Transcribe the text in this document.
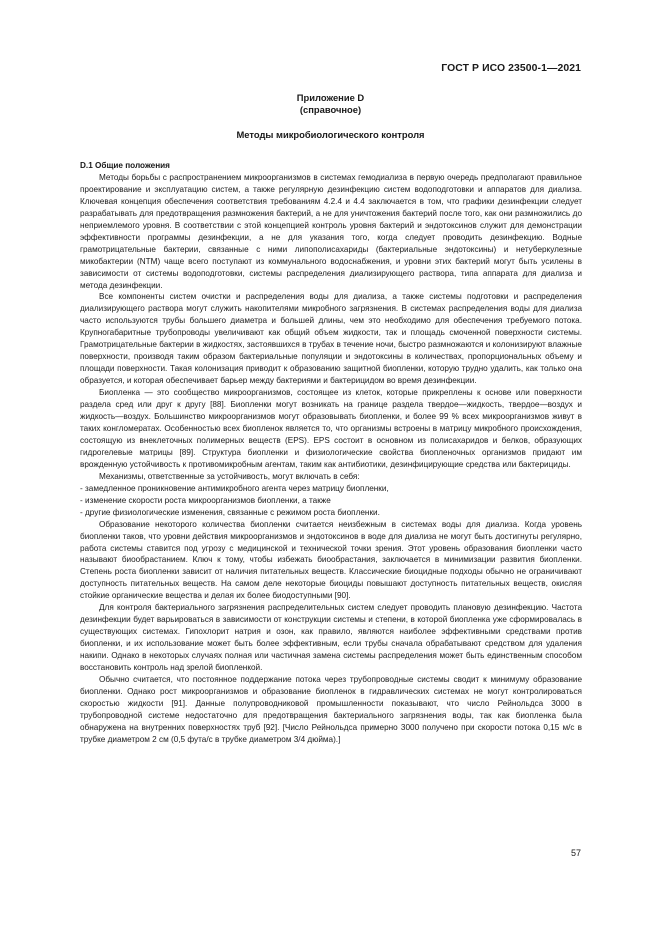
ГОСТ Р ИСО 23500-1—2021
Приложение D
(справочное)
Методы микробиологического контроля
D.1 Общие положения

Методы борьбы с распространением микроорганизмов в системах гемодиализа в первую очередь предполагают правильное проектирование и эксплуатацию систем, а также регулярную дезинфекцию систем водоподготовки и аппаратов для диализа. Ключевая концепция обеспечения соответствия требованиям 4.2.4 и 4.4 заключается в том, что графики дезинфекции следует разрабатывать для предотвращения размножения бактерий, а не для уничтожения бактерий после того, как они размножились до неприемлемого уровня. В соответствии с этой концепцией контроль уровня бактерий и эндотоксинов служит для демонстрации эффективности программы дезинфекции, а не для указания того, когда следует проводить дезинфекцию. Водные грамотрицательные бактерии, связанные с ними липополисахариды (бактериальные эндотоксины) и нетуберкулезные микобактерии (NTM) чаще всего поступают из коммунального водоснабжения, и уровни этих бактерий могут быть усилены в зависимости от системы водоподготовки, системы распределения диализирующего раствора, типа аппарата для диализа и метода дезинфекции.

Все компоненты систем очистки и распределения воды для диализа, а также системы подготовки и распределения диализирующего раствора могут служить накопителями микробного загрязнения. В системах распределения воды для диализа часто используются трубы большего диаметра и большей длины, чем это необходимо для обеспечения требуемого потока. Крупногабаритные трубопроводы увеличивают как общий объем жидкости, так и площадь смоченной поверхности системы. Грамотрицательные бактерии в жидкостях, застоявшихся в трубах в течение ночи, быстро размножаются и колонизируют влажные поверхности, производя таким образом бактериальные популяции и эндотоксины в количествах, пропорциональных объему и площади поверхности. Такая колонизация приводит к образованию защитной биопленки, которую трудно удалить, как только она образуется, и которая обеспечивает барьер между бактериями и бактерицидом во время дезинфекции.

Биопленка — это сообщество микроорганизмов, состоящее из клеток, которые прикреплены к основе или поверхности раздела сред или друг к другу [88]. Биопленки могут возникать на границе раздела твердое—жидкость, твердое—воздух и жидкость—воздух. Большинство микроорганизмов могут образовывать биопленки, и более 99 % всех микроорганизмов живут в таких конгломератах. Особенностью всех биопленок является то, что организмы встроены в матрицу микробного происхождения, состоящую из внеклеточных полимерных веществ (EPS). EPS состоит в основном из полисахаридов и белков, образующих гидрогелевые матрицы [89]. Структура биопленки и физиологические свойства биопленочных организмов придают им врожденную устойчивость к противомикробным агентам, таким как антибиотики, дезинфицирующие средства или бактерициды.

Механизмы, ответственные за устойчивость, могут включать в себя:

- замедленное проникновение антимикробного агента через матрицу биопленки,
- изменение скорости роста микроорганизмов биопленки, а также
- другие физиологические изменения, связанные с режимом роста биопленки.

Образование некоторого количества биопленки считается неизбежным в системах воды для диализа. Когда уровень биопленки таков, что уровни действия микроорганизмов и эндотоксинов в воде для диализа не могут быть достигнуты регулярно, работа системы ставится под угрозу с медицинской и технической точки зрения. Этот уровень образования биопленки часто называют биообрастанием. Ключ к тому, чтобы избежать биообрастания, заключается в минимизации развития биопленки. Степень роста биопленки зависит от наличия питательных веществ. Классические биоцидные подходы обычно не ограничивают доступность питательных веществ. На самом деле некоторые биоциды повышают доступность питательных веществ, окисляя стойкие органические вещества и делая их более биодоступными [90].

Для контроля бактериального загрязнения распределительных систем следует проводить плановую дезинфекцию. Частота дезинфекции будет варьироваться в зависимости от конструкции системы и степени, в которой биопленка уже сформировалась в существующих системах. Гипохлорит натрия и озон, как правило, являются наиболее эффективными средствами против биопленки, и их использование может быть более эффективным, если трубы сначала обрабатывают средством для удаления накипи. Однако в некоторых случаях полная или частичная замена системы распределения может быть единственным способом восстановить контроль над зрелой биопленкой.

Обычно считается, что постоянное поддержание потока через трубопроводные системы сводит к минимуму образование биопленки. Однако рост микроорганизмов и образование биопленок в гидравлических системах не могут контролироваться скоростью жидкости [91]. Данные полупроводниковой промышленности показывают, что число Рейнольдса 3000 в трубопроводной системе недостаточно для предотвращения бактериального загрязнения воды, так как биопленка была обнаружена на внутренних поверхностях труб [92]. [Число Рейнольдса примерно 3000 получено при скорости потока 0,15 м/с в трубке диаметром 2 см (0,5 фута/с в трубке диаметром 3/4 дюйма).]

57
